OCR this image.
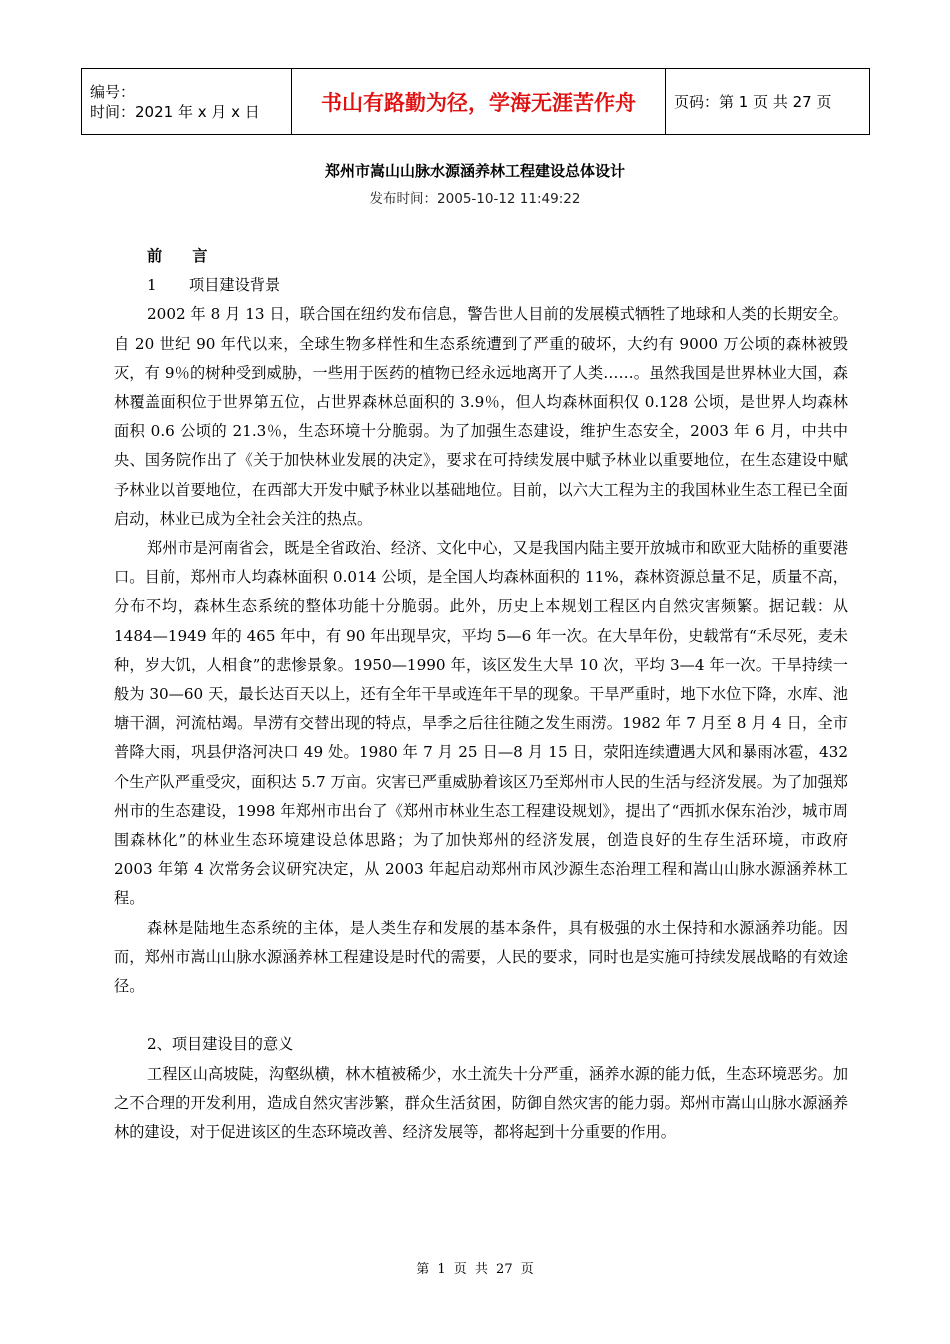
编号：
时间：2021 年 x 月 x 日	书山有路勤为径，学海无涯苦作舟	页码：第 1 页 共 27 页
郑州市嵩山山脉水源涵养林工程建设总体设计
发布时间：2005-10-12 11:49:22
前 言
1 项目建设背景

2002 年 8 月 13 日，联合国在纽约发布信息，警告世人目前的发展模式牺牲了地球和人类的长期安全。自 20 世纪 90 年代以来，全球生物多样性和生态系统遭到了严重的破坏，大约有 9000 万公顷的森林被毁灭，有 9％的树种受到威胁，一些用于医药的植物已经永远地离开了人类……。虽然我国是世界林业大国，森林覆盖面积位于世界第五位，占世界森林总面积的 3.9％，但人均森林面积仅 0.128 公顷，是世界人均森林面积 0.6 公顷的 21.3％，生态环境十分脆弱。为了加强生态建设，维护生态安全，2003 年 6 月，中共中央、国务院作出了《关于加快林业发展的决定》，要求在可持续发展中赋予林业以重要地位，在生态建设中赋予林业以首要地位，在西部大开发中赋予林业以基础地位。目前，以六大工程为主的我国林业生态工程已全面启动，林业已成为全社会关注的热点。

郑州市是河南省会，既是全省政治、经济、文化中心，又是我国内陆主要开放城市和欧亚大陆桥的重要港口。目前，郑州市人均森林面积 0.014 公顷，是全国人均森林面积的 11%，森林资源总量不足，质量不高，分布不均，森林生态系统的整体功能十分脆弱。此外，历史上本规划工程区内自然灾害频繁。据记载：从 1484—1949 年的 465 年中，有 90 年出现旱灾，平均 5—6 年一次。在大旱年份，史载常有“禾尽死，麦未种，岁大饥，人相食”的悲惨景象。1950—1990 年，该区发生大旱 10 次，平均 3—4 年一次。干旱持续一般为 30—60 天，最长达百天以上，还有全年干旱或连年干旱的现象。干旱严重时，地下水位下降，水库、池塘干涸，河流枯竭。旱涝有交替出现的特点，旱季之后往往随之发生雨涝。1982 年 7 月至 8 月 4 日，全市普降大雨，巩县伊洛河决口 49 处。1980 年 7 月 25 日—8 月 15 日，荥阳连续遭遇大风和暴雨冰雹，432 个生产队严重受灾，面积达 5.7 万亩。灾害已严重威胁着该区乃至郑州市人民的生活与经济发展。为了加强郑州市的生态建设，1998 年郑州市出台了《郑州市林业生态工程建设规划》，提出了“西抓水保东治沙，城市周围森林化”的林业生态环境建设总体思路；为了加快郑州的经济发展，创造良好的生存生活环境，市政府 2003 年第 4 次常务会议研究决定，从 2003 年起启动郑州市风沙源生态治理工程和嵩山山脉水源涵养林工程。

森林是陆地生态系统的主体，是人类生存和发展的基本条件，具有极强的水土保持和水源涵养功能。因而，郑州市嵩山山脉水源涵养林工程建设是时代的需要，人民的要求，同时也是实施可持续发展战略的有效途径。

2、项目建设目的意义

工程区山高坡陡，沟壑纵横，林木植被稀少，水土流失十分严重，涵养水源的能力低，生态环境恶劣。加之不合理的开发利用，造成自然灾害涉繁，群众生活贫困，防御自然灾害的能力弱。郑州市嵩山山脉水源涵养林的建设，对于促进该区的生态环境改善、经济发展等，都将起到十分重要的作用。

第 1 页 共 27 页
